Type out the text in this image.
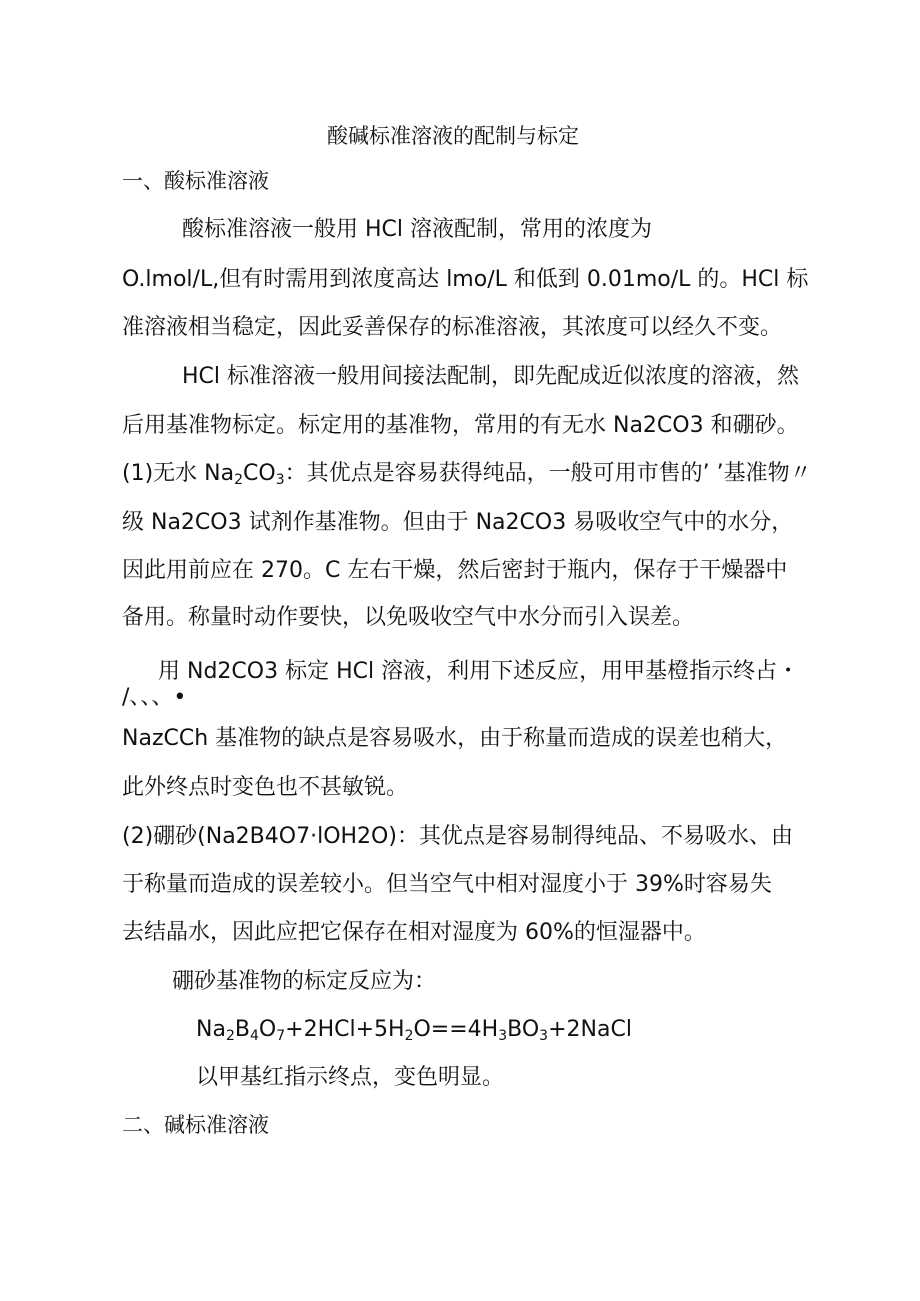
酸碱标准溶液的配制与标定
一、酸标准溶液
酸标准溶液一般用 HCl 溶液配制，常用的浓度为
O.lmol/L,但有时需用到浓度高达 lmo∕L 和低到 0.01mo∕L 的。HCl 标
准溶液相当稳定，因此妥善保存的标准溶液，其浓度可以经久不变。
HCl 标准溶液一般用间接法配制，即先配成近似浓度的溶液，然
后用基准物标定。标定用的基准物，常用的有无水 Na2CO3 和硼砂。
(1)无水 $Na_2CO_3$：其优点是容易获得纯品，一般可用市售的’ ’基准物〃
级 Na2CO3 试剂作基准物。但由于 Na2CO3 易吸收空气中的水分，
因此用前应在 270。C 左右干燥，然后密封于瓶内，保存于干燥器中
备用。称量时动作要快，以免吸收空气中水分而引入误差。
用 Nd2CO3 标定 HCl 溶液，利用下述反应，用甲基橙指示终占・
/、、、•
NazCCh 基准物的缺点是容易吸水，由于称量而造成的误差也稍大，
此外终点时变色也不甚敏锐。
(2)硼砂(Na2B4O7·lOH2O)：其优点是容易制得纯品、不易吸水、由
于称量而造成的误差较小。但当空气中相对湿度小于 39%时容易失
去结晶水，因此应把它保存在相对湿度为 60%的恒湿器中。
硼砂基准物的标定反应为：
$Na_2B_4O_7+2HCl+5H_2O==4H_3BO_3+2NaCl$
以甲基红指示终点，变色明显。
二、碱标准溶液
